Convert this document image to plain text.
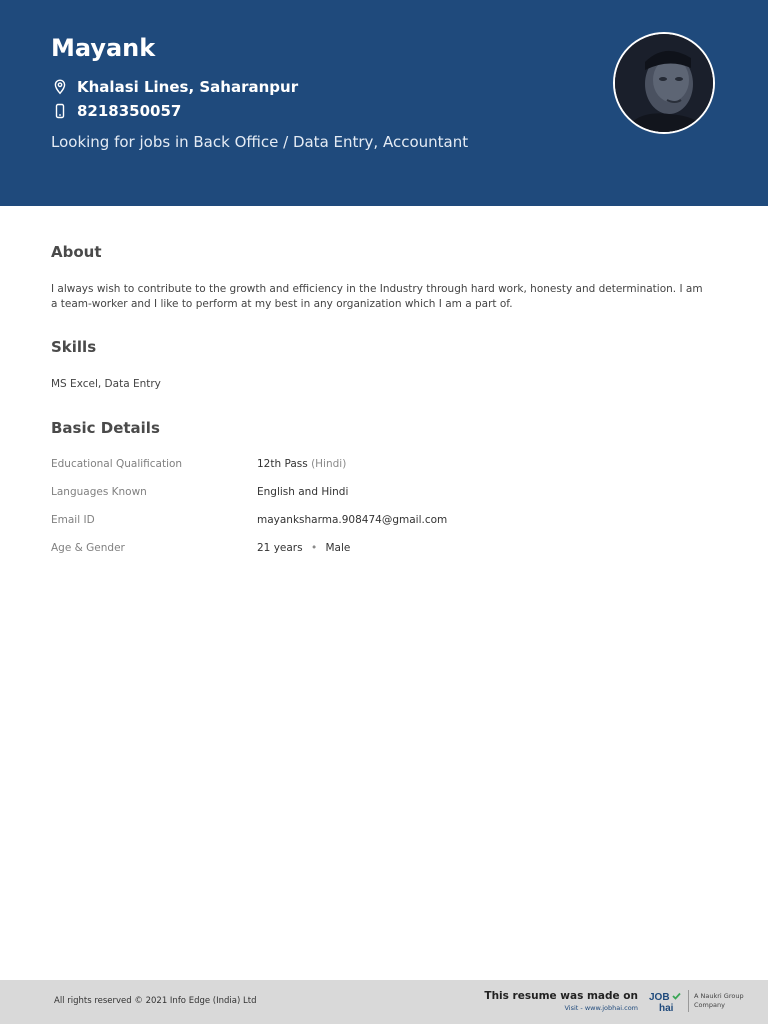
Mayank
Khalasi Lines, Saharanpur
8218350057
Looking for jobs in Back Office / Data Entry, Accountant
About
I always wish to contribute to the growth and efficiency in the Industry through hard work, honesty and determination. I am a team-worker and I like to perform at my best in any organization which I am a part of.
Skills
MS Excel, Data Entry
Basic Details
Educational Qualification	12th Pass (Hindi)
Languages Known	English and Hindi
Email ID	mayanksharma.908474@gmail.com
Age & Gender	21 years • Male
All rights reserved © 2021 Info Edge (India) Ltd	This resume was made on
Visit - www.jobhai.com
JOB
hai
A Naukri Group
Company
